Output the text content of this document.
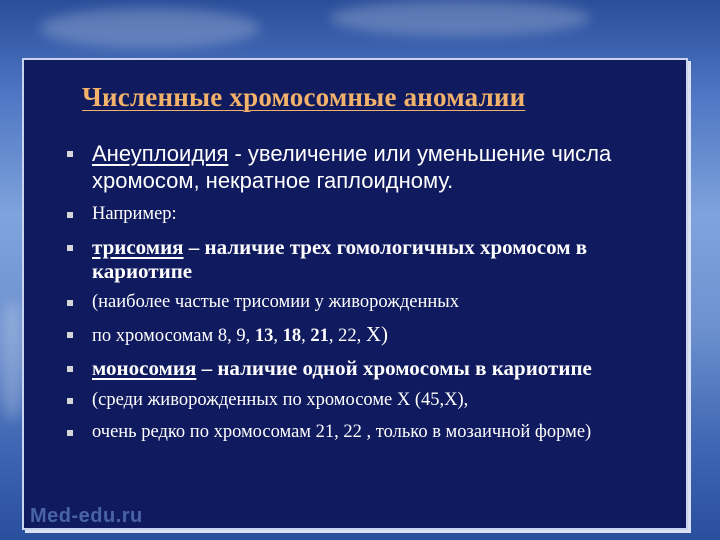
Численные хромосомные аномалии
Анеуплоидия - увеличение или уменьшение числа хромосом, некратное гаплоидному.
Например:
трисомия – наличие трех гомологичных хромосом в кариотипе
(наиболее частые трисомии у живорожденных
по хромосомам 8, 9, 13, 18, 21, 22, X)
моносомия – наличие одной хромосомы в кариотипе
(среди живорожденных по хромосоме X (45,X),
очень редко по хромосомам 21, 22 , только в мозаичной форме)
Med-edu.ru
